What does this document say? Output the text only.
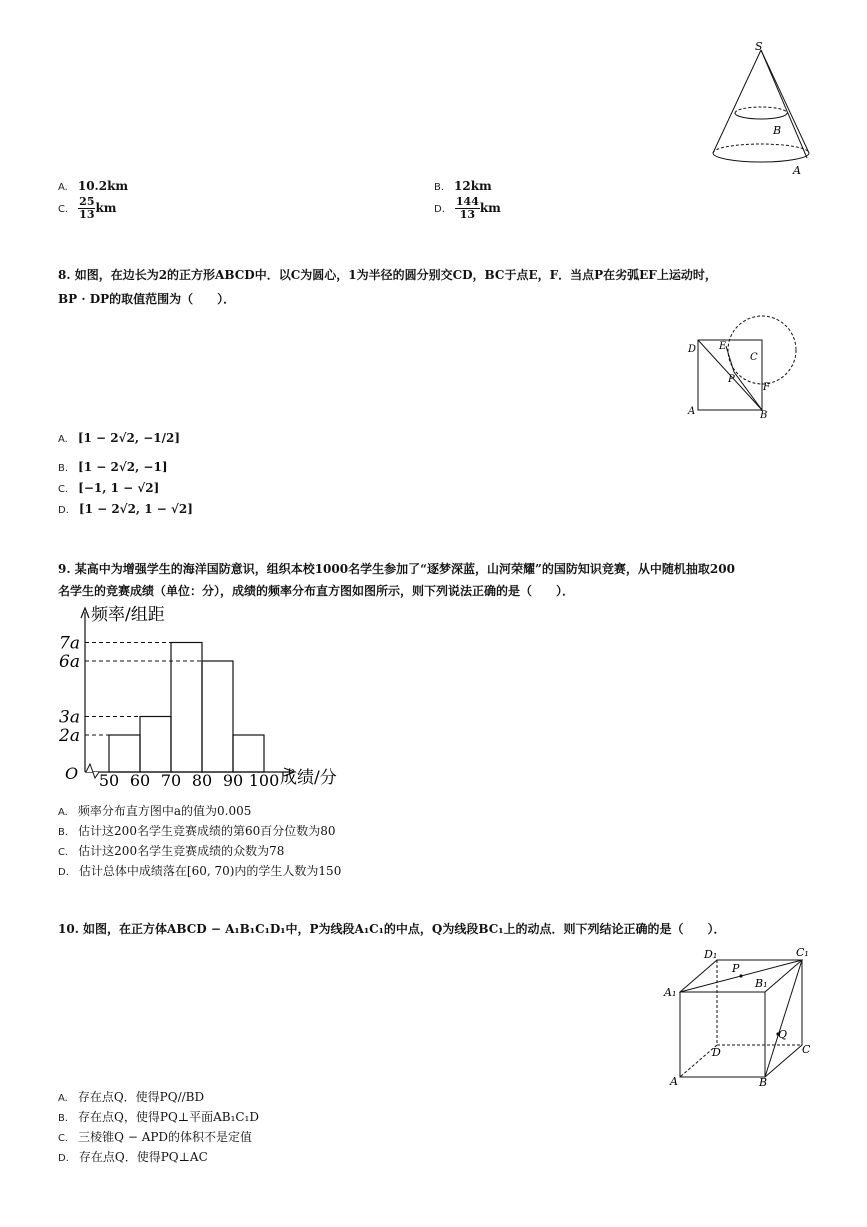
S
B
A
A. 10.2km	B. 12km
C. $\frac{25}{13}$ km	D. $\frac{144}{13}$ km
8. 如图，在边长为2的正方形ABCD中．以C为圆心，1为半径的圆分别交CD，BC于点E，F．当点P在劣弧EF上运动时，
BP · DP的取值范围为（　　）．
D E
C
P
F
A	B
A. [1 − 2√2, −1/2]
B. [1 − 2√2, −1]
C. [−1, 1 − √2]
D. [1 − 2√2, 1 − √2]
9. 某高中为增强学生的海洋国防意识，组织本校1000名学生参加了“逐梦深蓝，山河荣耀”的国防知识竞赛，从中随机抽取200
名学生的竞赛成绩（单位：分），成绩的频率分布直方图如图所示，则下列说法正确的是（　　）．
2a
3a
6a
7a
50 60 70 80 90 100
频率/组距
成绩/分
O
A. 频率分布直方图中a的值为0.005
B. 估计这200名学生竞赛成绩的第60百分位数为80
C. 估计这200名学生竞赛成绩的众数为78
D. 估计总体中成绩落在[60, 70)内的学生人数为150
10. 如图，在正方体ABCD − A₁B₁C₁D₁中，P为线段A₁C₁的中点，Q为线段BC₁上的动点．则下列结论正确的是（　　）．
D₁	C₁
A₁
B₁
P
Q
D	C
A	B
A. 存在点Q．使得PQ//BD
B. 存在点Q，使得PQ⊥平面AB₁C₁D
C. 三棱锥Q − APD的体积不是定值
D. 存在点Q．使得PQ⊥AC
